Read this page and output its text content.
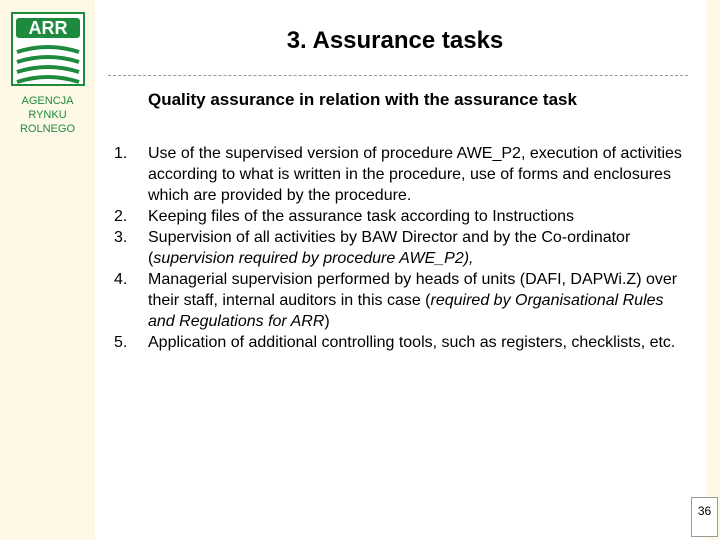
ARR
AGENCJA
RYNKU
ROLNEGO
3. Assurance tasks
Quality assurance in relation with the assurance task
1. Use of the supervised version of procedure AWE_P2, execution of activities according to what is written in the procedure, use of forms and enclosures which are provided by the procedure.
2. Keeping files of the assurance task according to Instructions
3. Supervision of all activities by BAW Director and by the Co-ordinator (supervision required by procedure AWE_P2),
4. Managerial supervision performed by heads of units (DAFI, DAPWi.Z) over their staff, internal auditors in this case (required by Organisational Rules and Regulations for ARR)
5. Application of additional controlling tools, such as registers, checklists, etc.
36
